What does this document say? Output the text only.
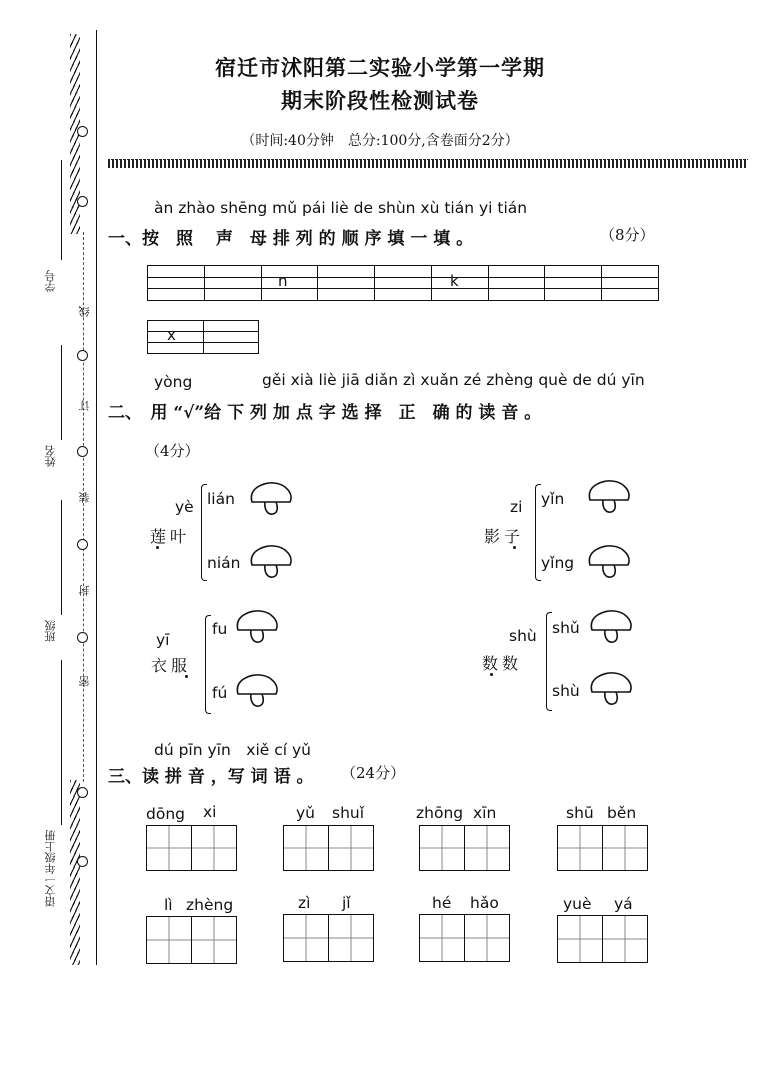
线
订
装
封
密
学号
姓名
班级
语文一年级上册
宿迁市沭阳第二实验小学第一学期
期末阶段性检测试卷
（时间:40分钟　总分:100分,含卷面分2分）
àn zhào shēng mǔ pái liè de shùn xù tián yi tián
一、按　照　 声　母 排 列 的 顺 序 填 一 填 。	（8分）

n	k

x
yòng	gěi xià liè jiā diǎn zì xuǎn zé zhèng què de dú yīn
二、　用 “√”给 下 列 加 点 字 选 择　正　确 的 读 音 。
（4分）
yè
莲叶
lián
nián
zi
影子
yǐn
yǐng
yī
衣服
fu
fú
shù
数数
shǔ
shù
dú pīn yīn　xiě cí yǔ
三、读 拼 音 ，写 词 语 。 （24分）
dōng xi	yǔ shuǐ	zhōng xīn	shū běn
lì zhèng	zì jǐ	hé hǎo	yuè yá
